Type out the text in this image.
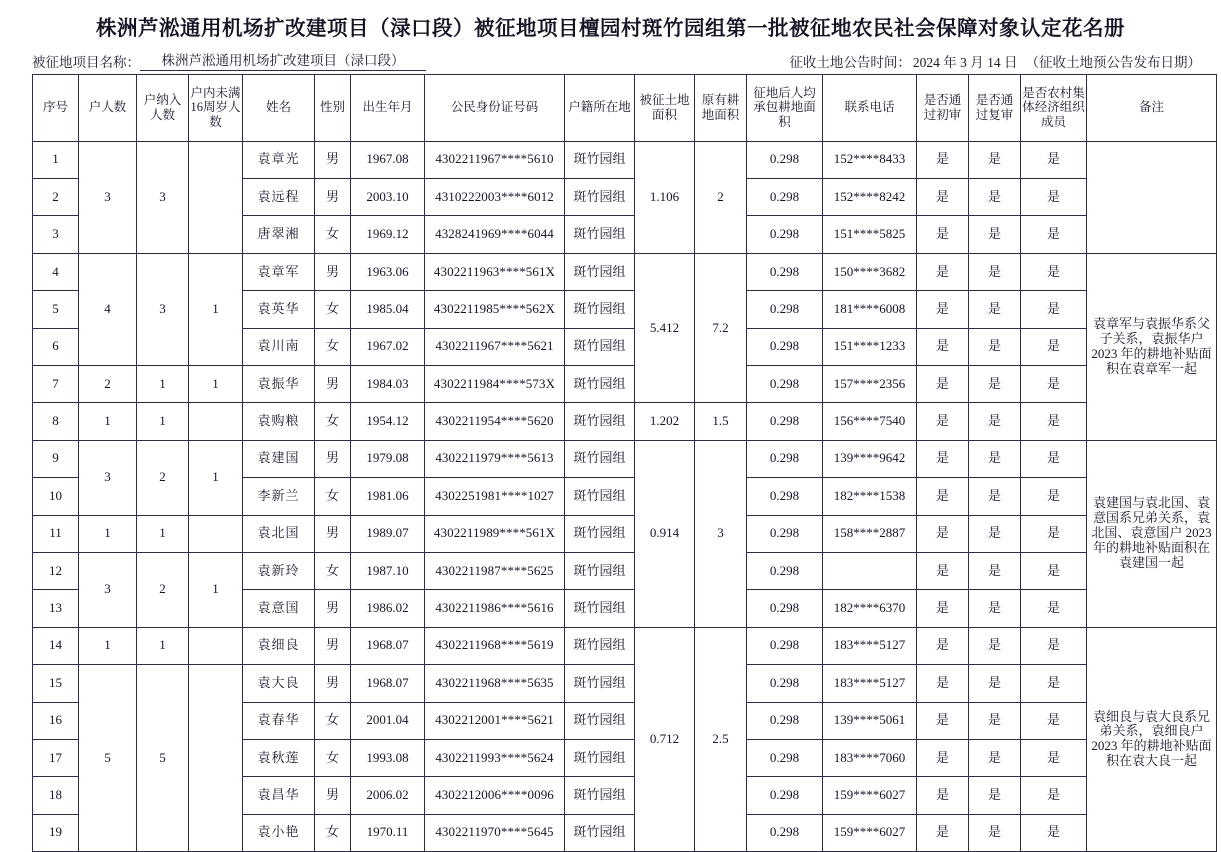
株洲芦淞通用机场扩改建项目（渌口段）被征地项目檀园村斑竹园组第一批被征地农民社会保障对象认定花名册
被征地项目名称：	株洲芦淞通用机场扩改建项目（渌口段）	征收土地公告时间： 2024 年 3 月 14 日 （征收土地预公告发布日期）
序号	户人数	户纳入人数	户内未满16周岁人数	姓名	性别	出生年月	公民身份证号码	户籍所在地	被征土地面积	原有耕地面积	征地后人均承包耕地面积	联系电话	是否通过初审	是否通过复审	是否农村集体经济组织成员	备注
1	3	3		袁章光	男	1967.08	4302211967****5610	斑竹园组	1.106	2	0.298	152****8433	是	是	是	
2				袁远程	男	2003.10	4310222003****6012	斑竹园组			0.298	152****8242	是	是	是	
3				唐翠湘	女	1969.12	4328241969****6044	斑竹园组			0.298	151****5825	是	是	是	
4	4	3	1	袁章军	男	1963.06	4302211963****561X	斑竹园组	5.412	7.2	0.298	150****3682	是	是	是	袁章军与袁振华系父子关系，袁振华户2023 年的耕地补贴面积在袁章军一起
5				袁英华	女	1985.04	4302211985****562X	斑竹园组			0.298	181****6008	是	是	是	
6				袁川南	女	1967.02	4302211967****5621	斑竹园组			0.298	151****1233	是	是	是	
7	2	1	1	袁振华	男	1984.03	4302211984****573X	斑竹园组			0.298	157****2356	是	是	是	
8	1	1		袁购粮	女	1954.12	4302211954****5620	斑竹园组	1.202	1.5	0.298	156****7540	是	是	是	
9	3	2	1	袁建国	男	1979.08	4302211979****5613	斑竹园组	0.914	3	0.298	139****9642	是	是	是	袁建国与袁北国、袁意国系兄弟关系，袁北国、袁意国户 2023 年的耕地补贴面积在袁建国一起
10				李新兰	女	1981.06	4302251981****1027	斑竹园组			0.298	182****1538	是	是	是	
11	1	1		袁北国	男	1989.07	4302211989****561X	斑竹园组			0.298	158****2887	是	是	是	
12	3	2	1	袁新玲	女	1987.10	4302211987****5625	斑竹园组			0.298		是	是	是	
13				袁意国	男	1986.02	4302211986****5616	斑竹园组			0.298	182****6370	是	是	是	
14	1	1		袁细良	男	1968.07	4302211968****5619	斑竹园组	0.712	2.5	0.298	183****5127	是	是	是	袁细良与袁大良系兄弟关系，袁细良户 2023 年的耕地补贴面积在袁大良一起
15	5	5		袁大良	男	1968.07	4302211968****5635	斑竹园组			0.298	183****5127	是	是	是	
16				袁春华	女	2001.04	4302212001****5621	斑竹园组			0.298	139****5061	是	是	是	
17				袁秋莲	女	1993.08	4302211993****5624	斑竹园组			0.298	183****7060	是	是	是	
18				袁昌华	男	2006.02	4302212006****0096	斑竹园组			0.298	159****6027	是	是	是	
19				袁小艳	女	1970.11	4302211970****5645	斑竹园组			0.298	159****6027	是	是	是	
